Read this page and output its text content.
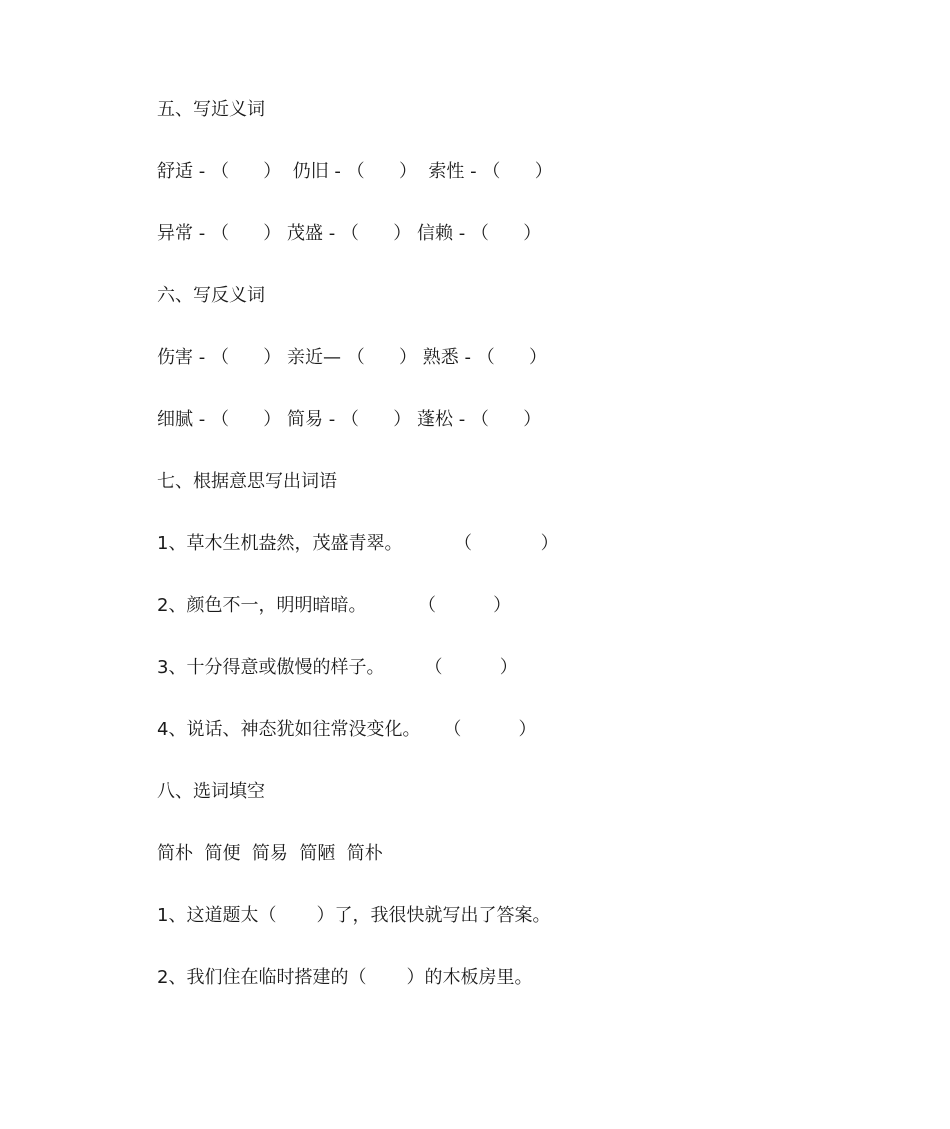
五、写近义词
舒适 - （      ）  仍旧 - （      ）  索性 - （      ）
异常 - （      ） 茂盛 - （      ） 信赖 - （      ）
六、写反义词
伤害 - （      ） 亲近— （      ） 熟悉 - （      ）
细腻 - （      ） 简易 - （      ） 蓬松 - （      ）
七、根据意思写出词语
1、草木生机盎然，茂盛青翠。         （            ）
2、颜色不一，明明暗暗。         （          ）
3、十分得意或傲慢的样子。       （          ）
4、说话、神态犹如往常没变化。    （          ）
八、选词填空
简朴  简便  简易  简陋  简朴
1、这道题太（       ）了，我很快就写出了答案。
2、我们住在临时搭建的（       ）的木板房里。
